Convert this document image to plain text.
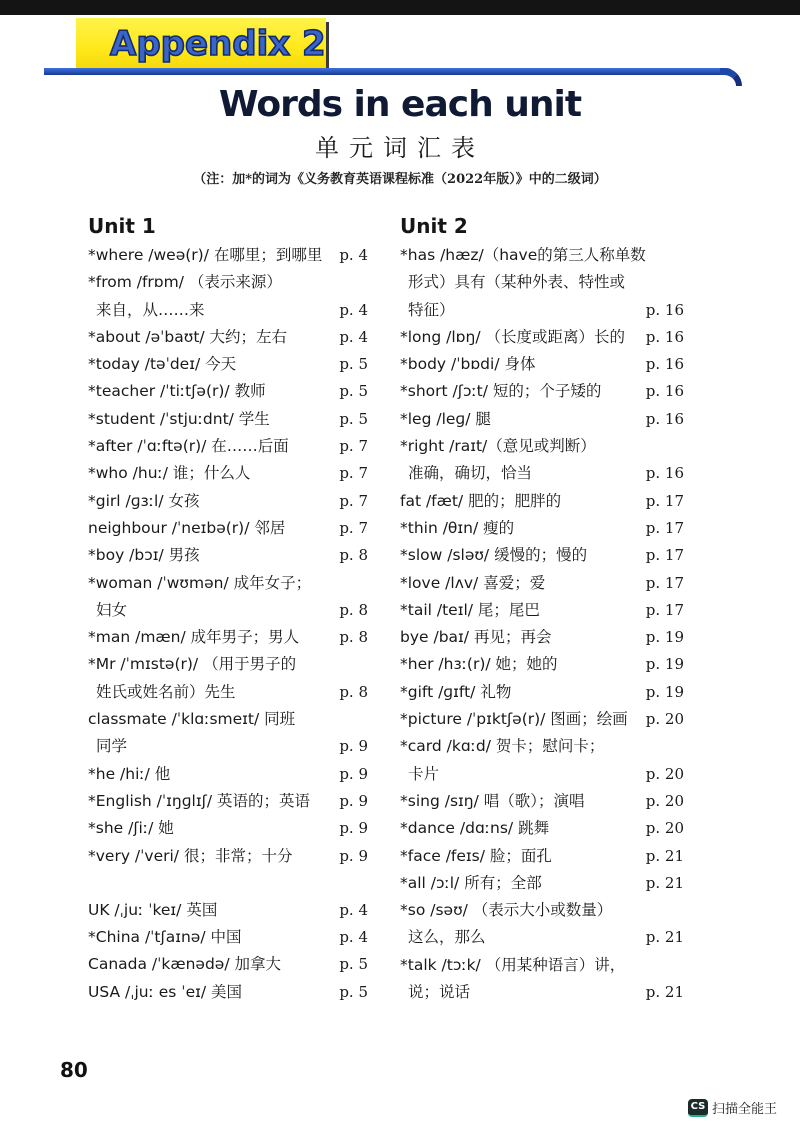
Appendix 2
Words in each unit
单元词汇表
（注：加*的词为《义务教育英语课程标准（2022年版）》中的二级词）
Unit 1
*where /weə(r)/ 在哪里；到哪里	p. 4
*from /frɒm/ （表示来源）
来自，从……来	p. 4
*about /əˈbaʊt/ 大约；左右	p. 4
*today /təˈdeɪ/ 今天	p. 5
*teacher /ˈtiːtʃə(r)/ 教师	p. 5
*student /ˈstjuːdnt/ 学生	p. 5
*after /ˈɑːftə(r)/ 在……后面	p. 7
*who /huː/ 谁；什么人	p. 7
*girl /ɡɜːl/ 女孩	p. 7
neighbour /ˈneɪbə(r)/ 邻居	p. 7
*boy /bɔɪ/ 男孩	p. 8
*woman /ˈwʊmən/ 成年女子；
妇女	p. 8
*man /mæn/ 成年男子；男人	p. 8
*Mr /ˈmɪstə(r)/ （用于男子的
姓氏或姓名前）先生	p. 8
classmate /ˈklɑːsmeɪt/ 同班
同学	p. 9
*he /hiː/ 他	p. 9
*English /ˈɪŋɡlɪʃ/ 英语的；英语	p. 9
*she /ʃiː/ 她	p. 9
*very /ˈveri/ 很；非常；十分	p. 9
UK /ˌjuː ˈkeɪ/ 英国	p. 4
*China /ˈtʃaɪnə/ 中国	p. 4
Canada /ˈkænədə/ 加拿大	p. 5
USA /ˌjuː es ˈeɪ/ 美国	p. 5
Unit 2
*has /hæz/（have的第三人称单数
形式）具有（某种外表、特性或
特征）	p. 16
*long /lɒŋ/ （长度或距离）长的	p. 16
*body /ˈbɒdi/ 身体	p. 16
*short /ʃɔːt/ 短的；个子矮的	p. 16
*leg /leɡ/ 腿	p. 16
*right /raɪt/（意见或判断）
准确，确切，恰当	p. 16
fat /fæt/ 肥的；肥胖的	p. 17
*thin /θɪn/ 瘦的	p. 17
*slow /sləʊ/ 缓慢的；慢的	p. 17
*love /lʌv/ 喜爱；爱	p. 17
*tail /teɪl/ 尾；尾巴	p. 17
bye /baɪ/ 再见；再会	p. 19
*her /hɜː(r)/ 她；她的	p. 19
*gift /ɡɪft/ 礼物	p. 19
*picture /ˈpɪktʃə(r)/ 图画；绘画	p. 20
*card /kɑːd/ 贺卡；慰问卡；
卡片	p. 20
*sing /sɪŋ/ 唱（歌）；演唱	p. 20
*dance /dɑːns/ 跳舞	p. 20
*face /feɪs/ 脸；面孔	p. 21
*all /ɔːl/ 所有；全部	p. 21
*so /səʊ/ （表示大小或数量）
这么，那么	p. 21
*talk /tɔːk/ （用某种语言）讲，
说；说话	p. 21
80
CS 扫描全能王
